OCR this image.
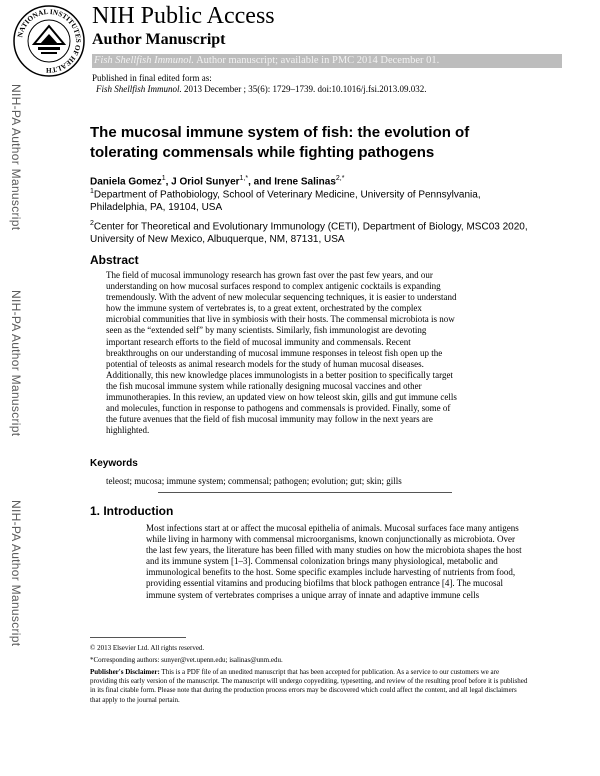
NATIONAL INSTITUTES OF HEALTH
NIH Public Access
Author Manuscript
Fish Shellfish Immunol. Author manuscript; available in PMC 2014 December 01.
Published in final edited form as:
Fish Shellfish Immunol. 2013 December ; 35(6): 1729–1739. doi:10.1016/j.fsi.2013.09.032.
NIH-PA Author Manuscript
NIH-PA Author Manuscript
NIH-PA Author Manuscript
The mucosal immune system of fish: the evolution of tolerating commensals while fighting pathogens
Daniela Gomez$^1$, J Oriol Sunyer$^{1,*}$, and Irene Salinas$^{2,*}$
$^1$Department of Pathobiology, School of Veterinary Medicine, University of Pennsylvania, Philadelphia, PA, 19104, USA
$^2$Center for Theoretical and Evolutionary Immunology (CETI), Department of Biology, MSC03 2020, University of New Mexico, Albuquerque, NM, 87131, USA
Abstract
The field of mucosal immunology research has grown fast over the past few years, and our understanding on how mucosal surfaces respond to complex antigenic cocktails is expanding tremendously. With the advent of new molecular sequencing techniques, it is easier to understand how the immune system of vertebrates is, to a great extent, orchestrated by the complex microbial communities that live in symbiosis with their hosts. The commensal microbiota is now seen as the “extended self” by many scientists. Similarly, fish immunologist are devoting important research efforts to the field of mucosal immunity and commensals. Recent breakthroughs on our understanding of mucosal immune responses in teleost fish open up the potential of teleosts as animal research models for the study of human mucosal diseases. Additionally, this new knowledge places immunologists in a better position to specifically target the fish mucosal immune system while rationally designing mucosal vaccines and other immunotherapies. In this review, an updated view on how teleost skin, gills and gut immune cells and molecules, function in response to pathogens and commensals is provided. Finally, some of the future avenues that the field of fish mucosal immunity may follow in the next years are highlighted.
Keywords
teleost; mucosa; immune system; commensal; pathogen; evolution; gut; skin; gills
1. Introduction
Most infections start at or affect the mucosal epithelia of animals. Mucosal surfaces face many antigens while living in harmony with commensal microorganisms, known conjunctionally as microbiota. Over the last few years, the literature has been filled with many studies on how the microbiota shapes the host and its immune system [1–3]. Commensal colonization brings many physiological, metabolic and immunological benefits to the host. Some specific examples include harvesting of nutrients from food, providing essential vitamins and producing biofilms that block pathogen entrance [4]. The mucosal immune system of vertebrates comprises a unique array of innate and adaptive immune cells
© 2013 Elsevier Ltd. All rights reserved.
*Corresponding authors: sunyer@vet.upenn.edu; isalinas@unm.edu.
Publisher's Disclaimer: This is a PDF file of an unedited manuscript that has been accepted for publication. As a service to our customers we are providing this early version of the manuscript. The manuscript will undergo copyediting, typesetting, and review of the resulting proof before it is published in its final citable form. Please note that during the production process errors may be discovered which could affect the content, and all legal disclaimers that apply to the journal pertain.
